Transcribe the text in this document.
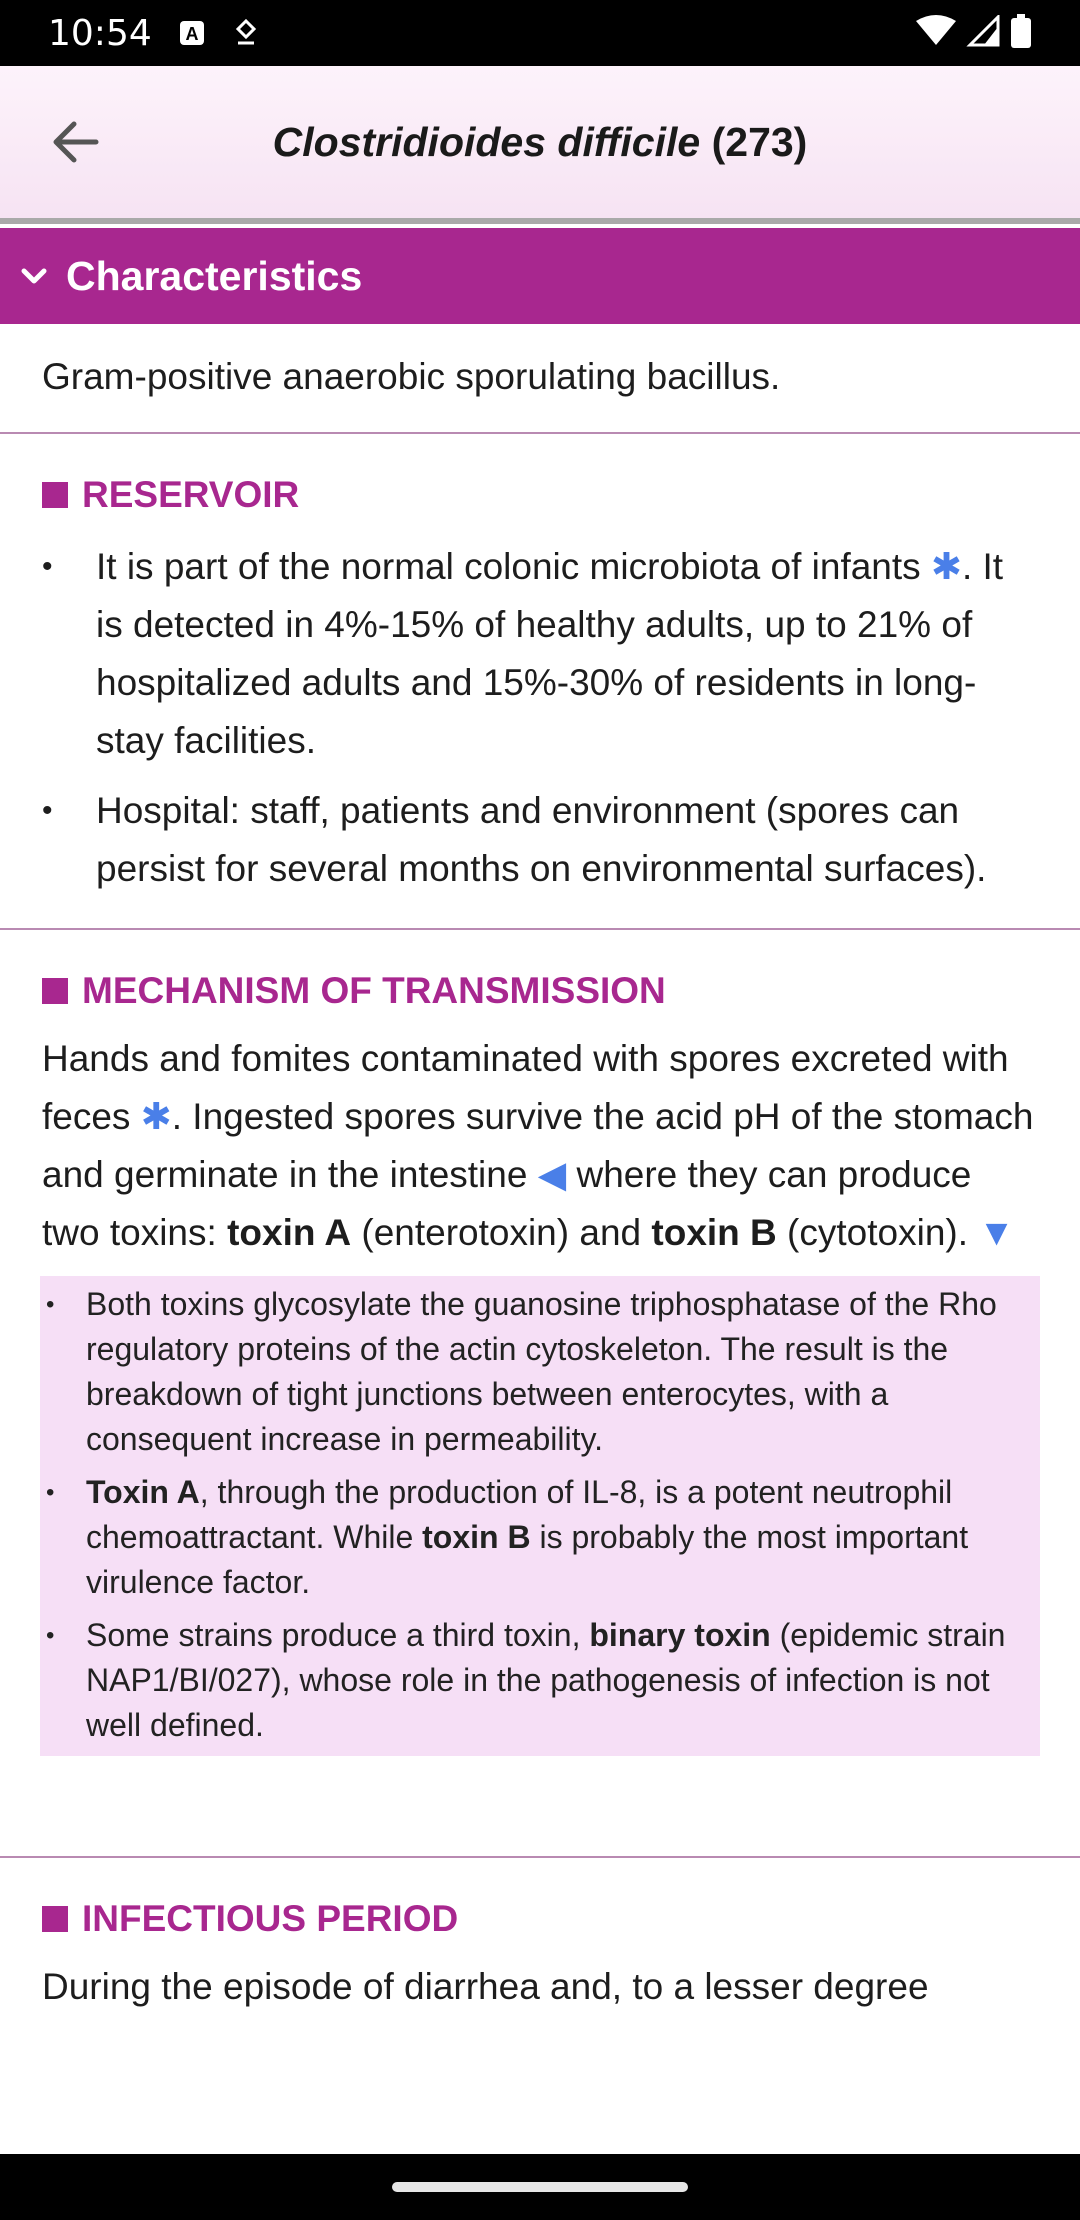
10:54 A
Clostridioides difficile (273)
Characteristics

Gram-positive anaerobic sporulating bacillus.

RESERVOIR
• It is part of the normal colonic microbiota of infants ✱. It is detected in 4%-15% of healthy adults, up to 21% of hospitalized adults and 15%-30% of residents in long-stay facilities.
• Hospital: staff, patients and environment (spores can persist for several months on environmental surfaces).
MECHANISM OF TRANSMISSION

Hands and fomites contaminated with spores excreted with feces ✱. Ingested spores survive the acid pH of the stomach and germinate in the intestine ◀ where they can produce two toxins: toxin A (enterotoxin) and toxin B (cytotoxin). ▼

• Both toxins glycosylate the guanosine triphosphatase of the Rho regulatory proteins of the actin cytoskeleton. The result is the breakdown of tight junctions between enterocytes, with a consequent increase in permeability.
• Toxin A, through the production of IL-8, is a potent neutrophil chemoattractant. While toxin B is probably the most important virulence factor.
• Some strains produce a third toxin, binary toxin (epidemic strain NAP1/BI/027), whose role in the pathogenesis of infection is not well defined.
INFECTIOUS PERIOD

During the episode of diarrhea and, to a lesser degree
